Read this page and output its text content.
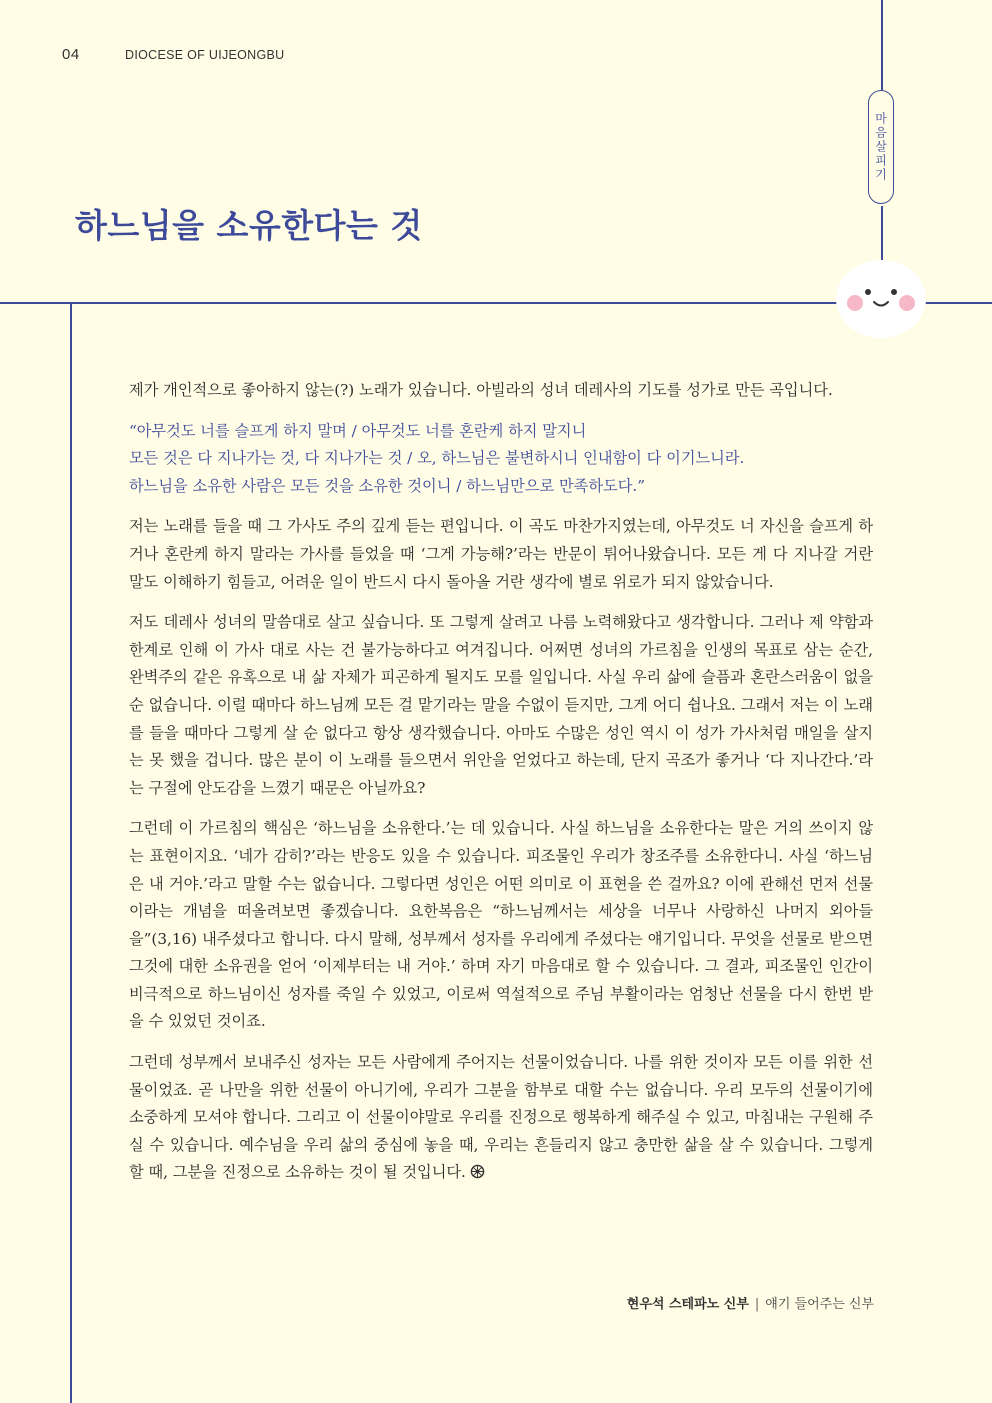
04	DIOCESE OF UIJEONGBU
마음살피기
하느님을 소유한다는 것

제가 개인적으로 좋아하지 않는(?) 노래가 있습니다. 아빌라의 성녀 데레사의 기도를 성가로 만든 곡입니다.

“아무것도 너를 슬프게 하지 말며 / 아무것도 너를 혼란케 하지 말지니
모든 것은 다 지나가는 것, 다 지나가는 것 / 오, 하느님은 불변하시니 인내함이 다 이기느니라.
하느님을 소유한 사람은 모든 것을 소유한 것이니 / 하느님만으로 만족하도다.”

저는 노래를 들을 때 그 가사도 주의 깊게 듣는 편입니다. 이 곡도 마찬가지였는데, 아무것도 너 자신을 슬프게 하거나 혼란케 하지 말라는 가사를 들었을 때 ‘그게 가능해?’라는 반문이 튀어나왔습니다. 모든 게 다 지나갈 거란 말도 이해하기 힘들고, 어려운 일이 반드시 다시 돌아올 거란 생각에 별로 위로가 되지 않았습니다.

저도 데레사 성녀의 말씀대로 살고 싶습니다. 또 그렇게 살려고 나름 노력해왔다고 생각합니다. 그러나 제 약함과 한계로 인해 이 가사 대로 사는 건 불가능하다고 여겨집니다. 어쩌면 성녀의 가르침을 인생의 목표로 삼는 순간, 완벽주의 같은 유혹으로 내 삶 자체가 피곤하게 될지도 모를 일입니다. 사실 우리 삶에 슬픔과 혼란스러움이 없을 순 없습니다. 이럴 때마다 하느님께 모든 걸 맡기라는 말을 수없이 듣지만, 그게 어디 쉽나요. 그래서 저는 이 노래를 들을 때마다 그렇게 살 순 없다고 항상 생각했습니다. 아마도 수많은 성인 역시 이 성가 가사처럼 매일을 살지는 못 했을 겁니다. 많은 분이 이 노래를 들으면서 위안을 얻었다고 하는데, 단지 곡조가 좋거나 ‘다 지나간다.’라는 구절에 안도감을 느꼈기 때문은 아닐까요?

그런데 이 가르침의 핵심은 ‘하느님을 소유한다.’는 데 있습니다. 사실 하느님을 소유한다는 말은 거의 쓰이지 않는 표현이지요. ‘네가 감히?’라는 반응도 있을 수 있습니다. 피조물인 우리가 창조주를 소유한다니. 사실 ‘하느님은 내 거야.’라고 말할 수는 없습니다. 그렇다면 성인은 어떤 의미로 이 표현을 쓴 걸까요? 이에 관해선 먼저 선물이라는 개념을 떠올려보면 좋겠습니다. 요한복음은 “하느님께서는 세상을 너무나 사랑하신 나머지 외아들을”(3,16) 내주셨다고 합니다. 다시 말해, 성부께서 성자를 우리에게 주셨다는 얘기입니다. 무엇을 선물로 받으면 그것에 대한 소유권을 얻어 ‘이제부터는 내 거야.’ 하며 자기 마음대로 할 수 있습니다. 그 결과, 피조물인 인간이 비극적으로 하느님이신 성자를 죽일 수 있었고, 이로써 역설적으로 주님 부활이라는 엄청난 선물을 다시 한번 받을 수 있었던 것이죠.

그런데 성부께서 보내주신 성자는 모든 사람에게 주어지는 선물이었습니다. 나를 위한 것이자 모든 이를 위한 선물이었죠. 곧 나만을 위한 선물이 아니기에, 우리가 그분을 함부로 대할 수는 없습니다. 우리 모두의 선물이기에 소중하게 모셔야 합니다. 그리고 이 선물이야말로 우리를 진정으로 행복하게 해주실 수 있고, 마침내는 구원해 주실 수 있습니다. 예수님을 우리 삶의 중심에 놓을 때, 우리는 흔들리지 않고 충만한 삶을 살 수 있습니다. 그렇게 할 때, 그분을 진정으로 소유하는 것이 될 것입니다.

현우석 스테파노 신부 | 얘기 들어주는 신부
